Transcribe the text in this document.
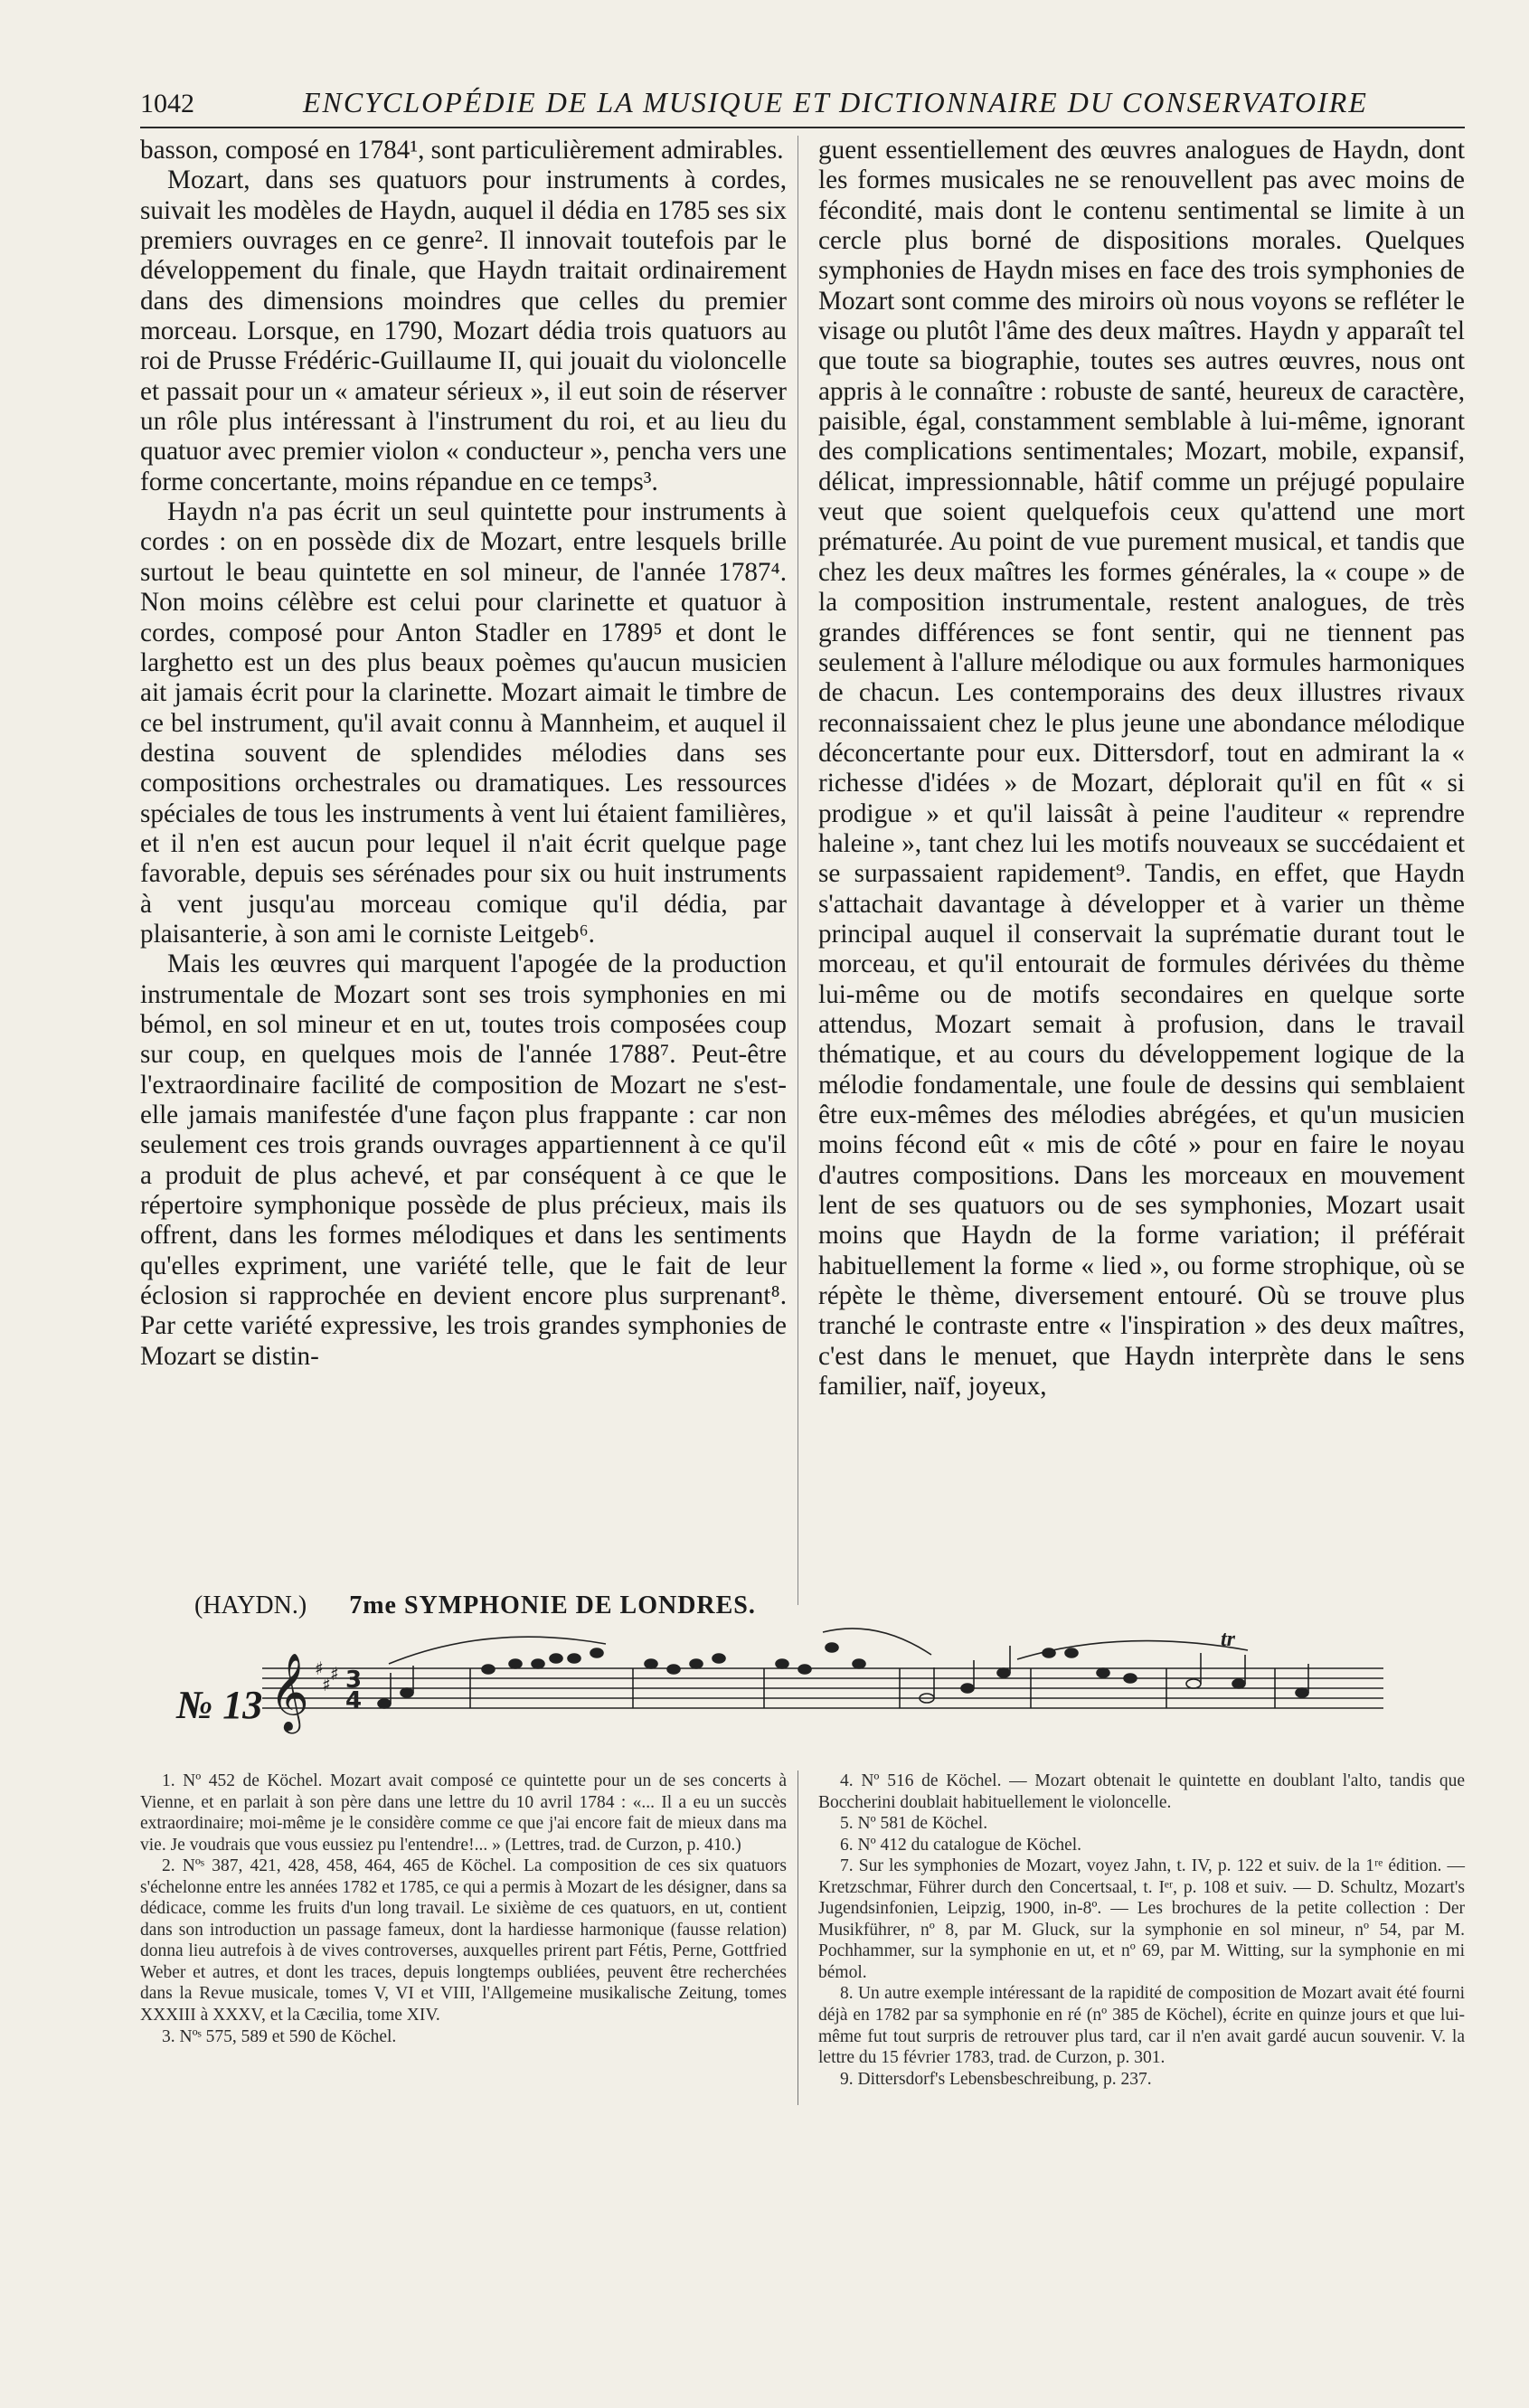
1042	ENCYCLOPÉDIE DE LA MUSIQUE ET DICTIONNAIRE DU CONSERVATOIRE

basson, composé en 1784¹, sont particulièrement admirables.

Mozart, dans ses quatuors pour instruments à cordes, suivait les modèles de Haydn, auquel il dédia en 1785 ses six premiers ouvrages en ce genre². Il innovait toutefois par le développement du finale, que Haydn traitait ordinairement dans des dimensions moindres que celles du premier morceau. Lorsque, en 1790, Mozart dédia trois quatuors au roi de Prusse Frédéric-Guillaume II, qui jouait du violoncelle et passait pour un « amateur sérieux », il eut soin de réserver un rôle plus intéressant à l'instrument du roi, et au lieu du quatuor avec premier violon « conducteur », pencha vers une forme concertante, moins répandue en ce temps³.

Haydn n'a pas écrit un seul quintette pour instruments à cordes : on en possède dix de Mozart, entre lesquels brille surtout le beau quintette en sol mineur, de l'année 1787⁴. Non moins célèbre est celui pour clarinette et quatuor à cordes, composé pour Anton Stadler en 1789⁵ et dont le larghetto est un des plus beaux poèmes qu'aucun musicien ait jamais écrit pour la clarinette. Mozart aimait le timbre de ce bel instrument, qu'il avait connu à Mannheim, et auquel il destina souvent de splendides mélodies dans ses compositions orchestrales ou dramatiques. Les ressources spéciales de tous les instruments à vent lui étaient familières, et il n'en est aucun pour lequel il n'ait écrit quelque page favorable, depuis ses sérénades pour six ou huit instruments à vent jusqu'au morceau comique qu'il dédia, par plaisanterie, à son ami le corniste Leitgeb⁶.

Mais les œuvres qui marquent l'apogée de la production instrumentale de Mozart sont ses trois symphonies en mi bémol, en sol mineur et en ut, toutes trois composées coup sur coup, en quelques mois de l'année 1788⁷. Peut-être l'extraordinaire facilité de composition de Mozart ne s'est-elle jamais manifestée d'une façon plus frappante : car non seulement ces trois grands ouvrages appartiennent à ce qu'il a produit de plus achevé, et par conséquent à ce que le répertoire symphonique possède de plus précieux, mais ils offrent, dans les formes mélodiques et dans les sentiments qu'elles expriment, une variété telle, que le fait de leur éclosion si rapprochée en devient encore plus surprenant⁸. Par cette variété expressive, les trois grandes symphonies de Mozart se distin-

guent essentiellement des œuvres analogues de Haydn, dont les formes musicales ne se renouvellent pas avec moins de fécondité, mais dont le contenu sentimental se limite à un cercle plus borné de dispositions morales. Quelques symphonies de Haydn mises en face des trois symphonies de Mozart sont comme des miroirs où nous voyons se refléter le visage ou plutôt l'âme des deux maîtres. Haydn y apparaît tel que toute sa biographie, toutes ses autres œuvres, nous ont appris à le connaître : robuste de santé, heureux de caractère, paisible, égal, constamment semblable à lui-même, ignorant des complications sentimentales; Mozart, mobile, expansif, délicat, impressionnable, hâtif comme un préjugé populaire veut que soient quelquefois ceux qu'attend une mort prématurée. Au point de vue purement musical, et tandis que chez les deux maîtres les formes générales, la « coupe » de la composition instrumentale, restent analogues, de très grandes différences se font sentir, qui ne tiennent pas seulement à l'allure mélodique ou aux formules harmoniques de chacun. Les contemporains des deux illustres rivaux reconnaissaient chez le plus jeune une abondance mélodique déconcertante pour eux. Dittersdorf, tout en admirant la « richesse d'idées » de Mozart, déplorait qu'il en fût « si prodigue » et qu'il laissât à peine l'auditeur « reprendre haleine », tant chez lui les motifs nouveaux se succédaient et se surpassaient rapidement⁹. Tandis, en effet, que Haydn s'attachait davantage à développer et à varier un thème principal auquel il conservait la suprématie durant tout le morceau, et qu'il entourait de formules dérivées du thème lui-même ou de motifs secondaires en quelque sorte attendus, Mozart semait à profusion, dans le travail thématique, et au cours du développement logique de la mélodie fondamentale, une foule de dessins qui semblaient être eux-mêmes des mélodies abrégées, et qu'un musicien moins fécond eût « mis de côté » pour en faire le noyau d'autres compositions. Dans les morceaux en mouvement lent de ses quatuors ou de ses symphonies, Mozart usait moins que Haydn de la forme variation; il préférait habituellement la forme « lied », ou forme strophique, où se répète le thème, diversement entouré. Où se trouve plus tranché le contraste entre « l'inspiration » des deux maîtres, c'est dans le menuet, que Haydn interprète dans le sens familier, naïf, joyeux,

(HAYDN.) 7me SYMPHONIE DE LONDRES.
№ 13 𝄞 ♯
♯ ♯ 3
4
tr

1. Nº 452 de Köchel. Mozart avait composé ce quintette pour un de ses concerts à Vienne, et en parlait à son père dans une lettre du 10 avril 1784 : «... Il a eu un succès extraordinaire; moi-même je le considère comme ce que j'ai encore fait de mieux dans ma vie. Je voudrais que vous eussiez pu l'entendre!... » (Lettres, trad. de Curzon, p. 410.)

2. Nºˢ 387, 421, 428, 458, 464, 465 de Köchel. La composition de ces six quatuors s'échelonne entre les années 1782 et 1785, ce qui a permis à Mozart de les désigner, dans sa dédicace, comme les fruits d'un long travail. Le sixième de ces quatuors, en ut, contient dans son introduction un passage fameux, dont la hardiesse harmonique (fausse relation) donna lieu autrefois à de vives controverses, auxquelles prirent part Fétis, Perne, Gottfried Weber et autres, et dont les traces, depuis longtemps oubliées, peuvent être recherchées dans la Revue musicale, tomes V, VI et VIII, l'Allgemeine musikalische Zeitung, tomes XXXIII à XXXV, et la Cæcilia, tome XIV.

3. Nºˢ 575, 589 et 590 de Köchel.

4. Nº 516 de Köchel. — Mozart obtenait le quintette en doublant l'alto, tandis que Boccherini doublait habituellement le violoncelle.

5. Nº 581 de Köchel.

6. Nº 412 du catalogue de Köchel.

7. Sur les symphonies de Mozart, voyez Jahn, t. IV, p. 122 et suiv. de la 1ʳᵉ édition. — Kretzschmar, Führer durch den Concertsaal, t. Iᵉʳ, p. 108 et suiv. — D. Schultz, Mozart's Jugendsinfonien, Leipzig, 1900, in-8º. — Les brochures de la petite collection : Der Musikführer, nº 8, par M. Gluck, sur la symphonie en sol mineur, nº 54, par M. Pochhammer, sur la symphonie en ut, et nº 69, par M. Witting, sur la symphonie en mi bémol.

8. Un autre exemple intéressant de la rapidité de composition de Mozart avait été fourni déjà en 1782 par sa symphonie en ré (nº 385 de Köchel), écrite en quinze jours et que lui-même fut tout surpris de retrouver plus tard, car il n'en avait gardé aucun souvenir. V. la lettre du 15 février 1783, trad. de Curzon, p. 301.

9. Dittersdorf's Lebensbeschreibung, p. 237.
